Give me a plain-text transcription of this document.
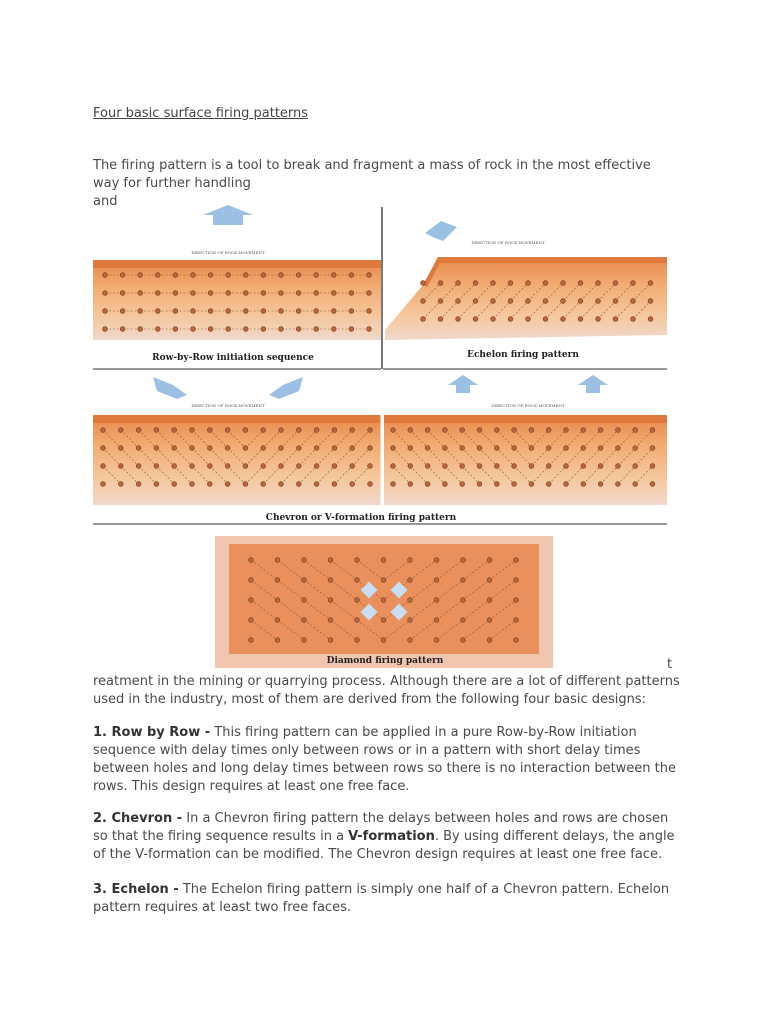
Four basic surface firing patterns

The firing pattern is a tool to break and fragment a mass of rock in the most effective
way for further handling
and

DIRECTION OF ROCK MOVEMENT
Row-by-Row initiation sequence
DIRECTION OF ROCK MOVEMENT
Echelon firing pattern
DIRECTION OF ROCK MOVEMENT	DIRECTION OF ROCK MOVEMENT
Chevron or V-formation firing pattern
Diamond firing pattern	t

reatment in the mining or quarrying process. Although there are a lot of different patterns
used in the industry, most of them are derived from the following four basic designs:

1. Row by Row - This firing pattern can be applied in a pure Row-by-Row initiation
sequence with delay times only between rows or in a pattern with short delay times
between holes and long delay times between rows so there is no interaction between the
rows. This design requires at least one free face.

2. Chevron - In a Chevron firing pattern the delays between holes and rows are chosen
so that the firing sequence results in a V-formation. By using different delays, the angle
of the V-formation can be modified. The Chevron design requires at least one free face.

3. Echelon - The Echelon firing pattern is simply one half of a Chevron pattern. Echelon
pattern requires at least two free faces.
